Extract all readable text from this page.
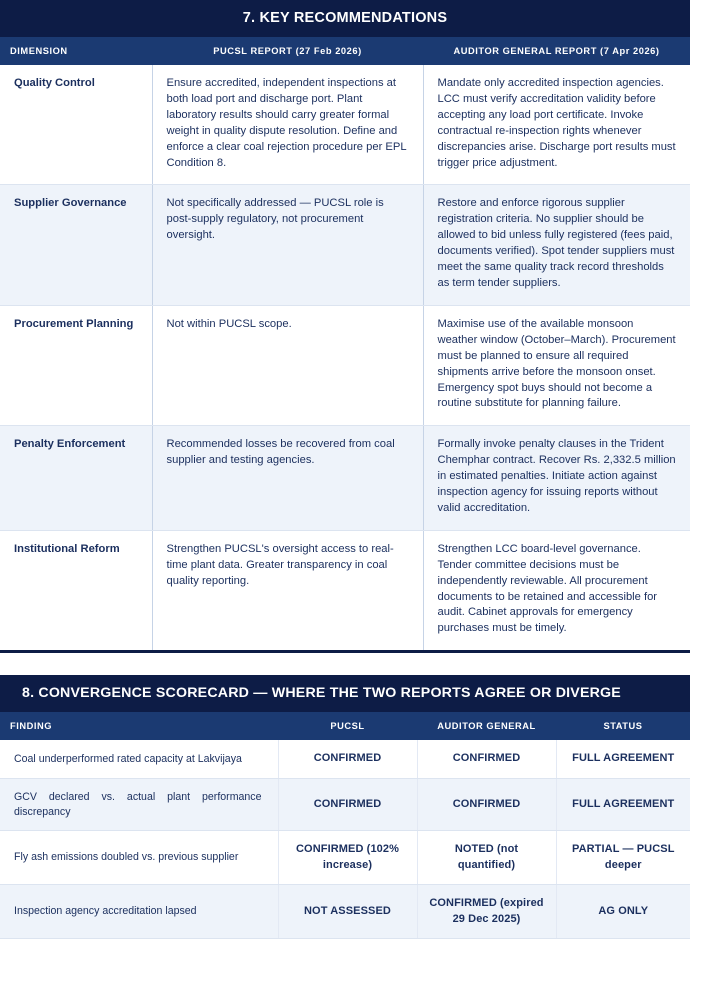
7. KEY RECOMMENDATIONS
DIMENSION	PUCSL REPORT (27 Feb 2026)	AUDITOR GENERAL REPORT (7 Apr 2026)
Quality Control	Ensure accredited, independent inspections at both load port and discharge port. Plant laboratory results should carry greater formal weight in quality dispute resolution. Define and enforce a clear coal rejection procedure per EPL Condition 8.	Mandate only accredited inspection agencies. LCC must verify accreditation validity before accepting any load port certificate. Invoke contractual re-inspection rights whenever discrepancies arise. Discharge port results must trigger price adjustment.
Supplier Governance	Not specifically addressed — PUCSL role is post-supply regulatory, not procurement oversight.	Restore and enforce rigorous supplier registration criteria. No supplier should be allowed to bid unless fully registered (fees paid, documents verified). Spot tender suppliers must meet the same quality track record thresholds as term tender suppliers.
Procurement Planning	Not within PUCSL scope.	Maximise use of the available monsoon weather window (October–March). Procurement must be planned to ensure all required shipments arrive before the monsoon onset. Emergency spot buys should not become a routine substitute for planning failure.
Penalty Enforcement	Recommended losses be recovered from coal supplier and testing agencies.	Formally invoke penalty clauses in the Trident Chemphar contract. Recover Rs. 2,332.5 million in estimated penalties. Initiate action against inspection agency for issuing reports without valid accreditation.
Institutional Reform	Strengthen PUCSL's oversight access to real-time plant data. Greater transparency in coal quality reporting.	Strengthen LCC board-level governance. Tender committee decisions must be independently reviewable. All procurement documents to be retained and accessible for audit. Cabinet approvals for emergency purchases must be timely.
8. CONVERGENCE SCORECARD — WHERE THE TWO REPORTS AGREE OR DIVERGE
FINDING	PUCSL	AUDITOR GENERAL	STATUS
Coal underperformed rated capacity at Lakvijaya	CONFIRMED	CONFIRMED	FULL AGREEMENT
GCV declared vs. actual plant performance discrepancy	CONFIRMED	CONFIRMED	FULL AGREEMENT
Fly ash emissions doubled vs. previous supplier	CONFIRMED (102% increase)	NOTED (not quantified)	PARTIAL — PUCSL deeper
Inspection agency accreditation lapsed	NOT ASSESSED	CONFIRMED (expired 29 Dec 2025)	AG ONLY
